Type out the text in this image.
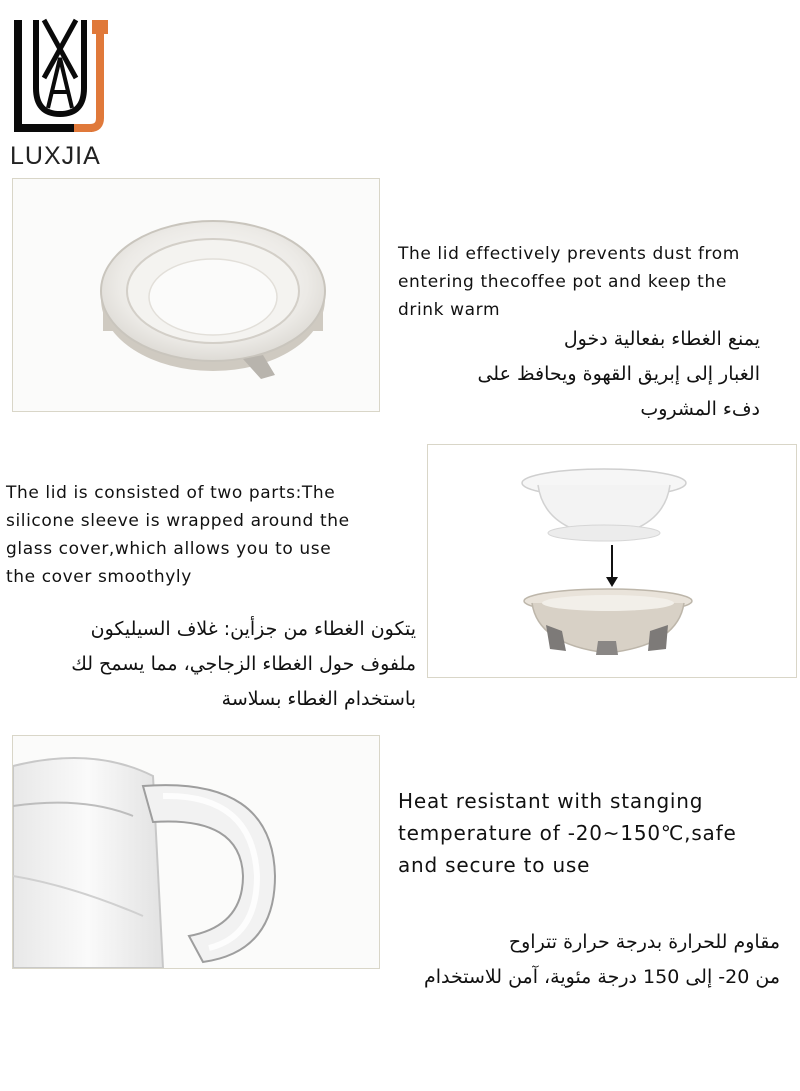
LUXJIA
The lid effectively prevents dust from
entering thecoffee pot and keep the
drink warm
يمنع الغطاء بفعالية دخول
الغبار إلى إبريق القهوة ويحافظ على
دفء المشروب
The lid is consisted of two parts:The
silicone sleeve is wrapped around the
glass cover,which allows you to use
the cover smoothyly
يتكون الغطاء من جزأين: غلاف السيليكون
ملفوف حول الغطاء الزجاجي، مما يسمح لك
باستخدام الغطاء بسلاسة
Heat resistant with stanging
temperature of -20~150℃,safe
and secure to use
مقاوم للحرارة بدرجة حرارة تتراوح
من 20- إلى 150 درجة مئوية، آمن للاستخدام
